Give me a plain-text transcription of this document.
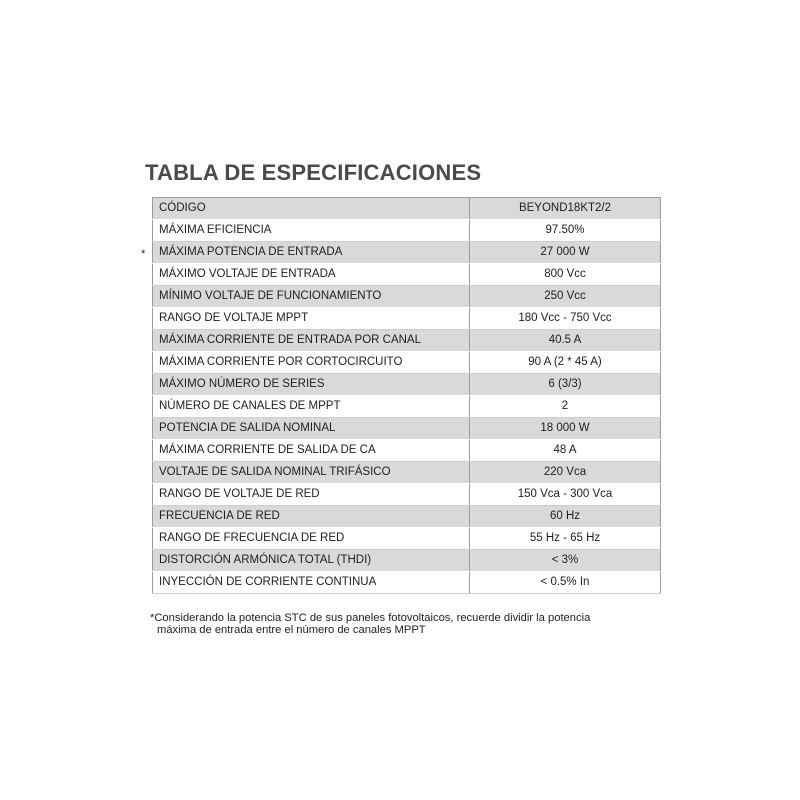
TABLA DE ESPECIFICACIONES
*
CÓDIGO	BEYOND18KT2/2
MÁXIMA EFICIENCIA	97.50%
MÁXIMA POTENCIA DE ENTRADA	27 000 W
MÁXIMO VOLTAJE DE ENTRADA	800 Vcc
MÍNIMO VOLTAJE DE FUNCIONAMIENTO	250 Vcc
RANGO DE VOLTAJE MPPT	180 Vcc - 750 Vcc
MÁXIMA CORRIENTE DE ENTRADA POR CANAL	40.5 A
MÁXIMA CORRIENTE POR CORTOCIRCUITO	90 A (2 * 45 A)
MÁXIMO NÚMERO DE SERIES	6 (3/3)
NÚMERO DE CANALES DE MPPT	2
POTENCIA DE SALIDA NOMINAL	18 000 W
MÁXIMA CORRIENTE DE SALIDA DE CA	48 A
VOLTAJE DE SALIDA NOMINAL TRIFÁSICO	220 Vca
RANGO DE VOLTAJE DE RED	150 Vca - 300 Vca
FRECUENCIA DE RED	60 Hz
RANGO DE FRECUENCIA DE RED	55 Hz - 65 Hz
DISTORCIÓN ARMÓNICA TOTAL (THDI)	< 3%
INYECCIÓN DE CORRIENTE CONTINUA	< 0.5% In
*Considerando la potencia STC de sus paneles fotovoltaicos, recuerde dividir la potencia
máxima de entrada entre el número de canales MPPT
